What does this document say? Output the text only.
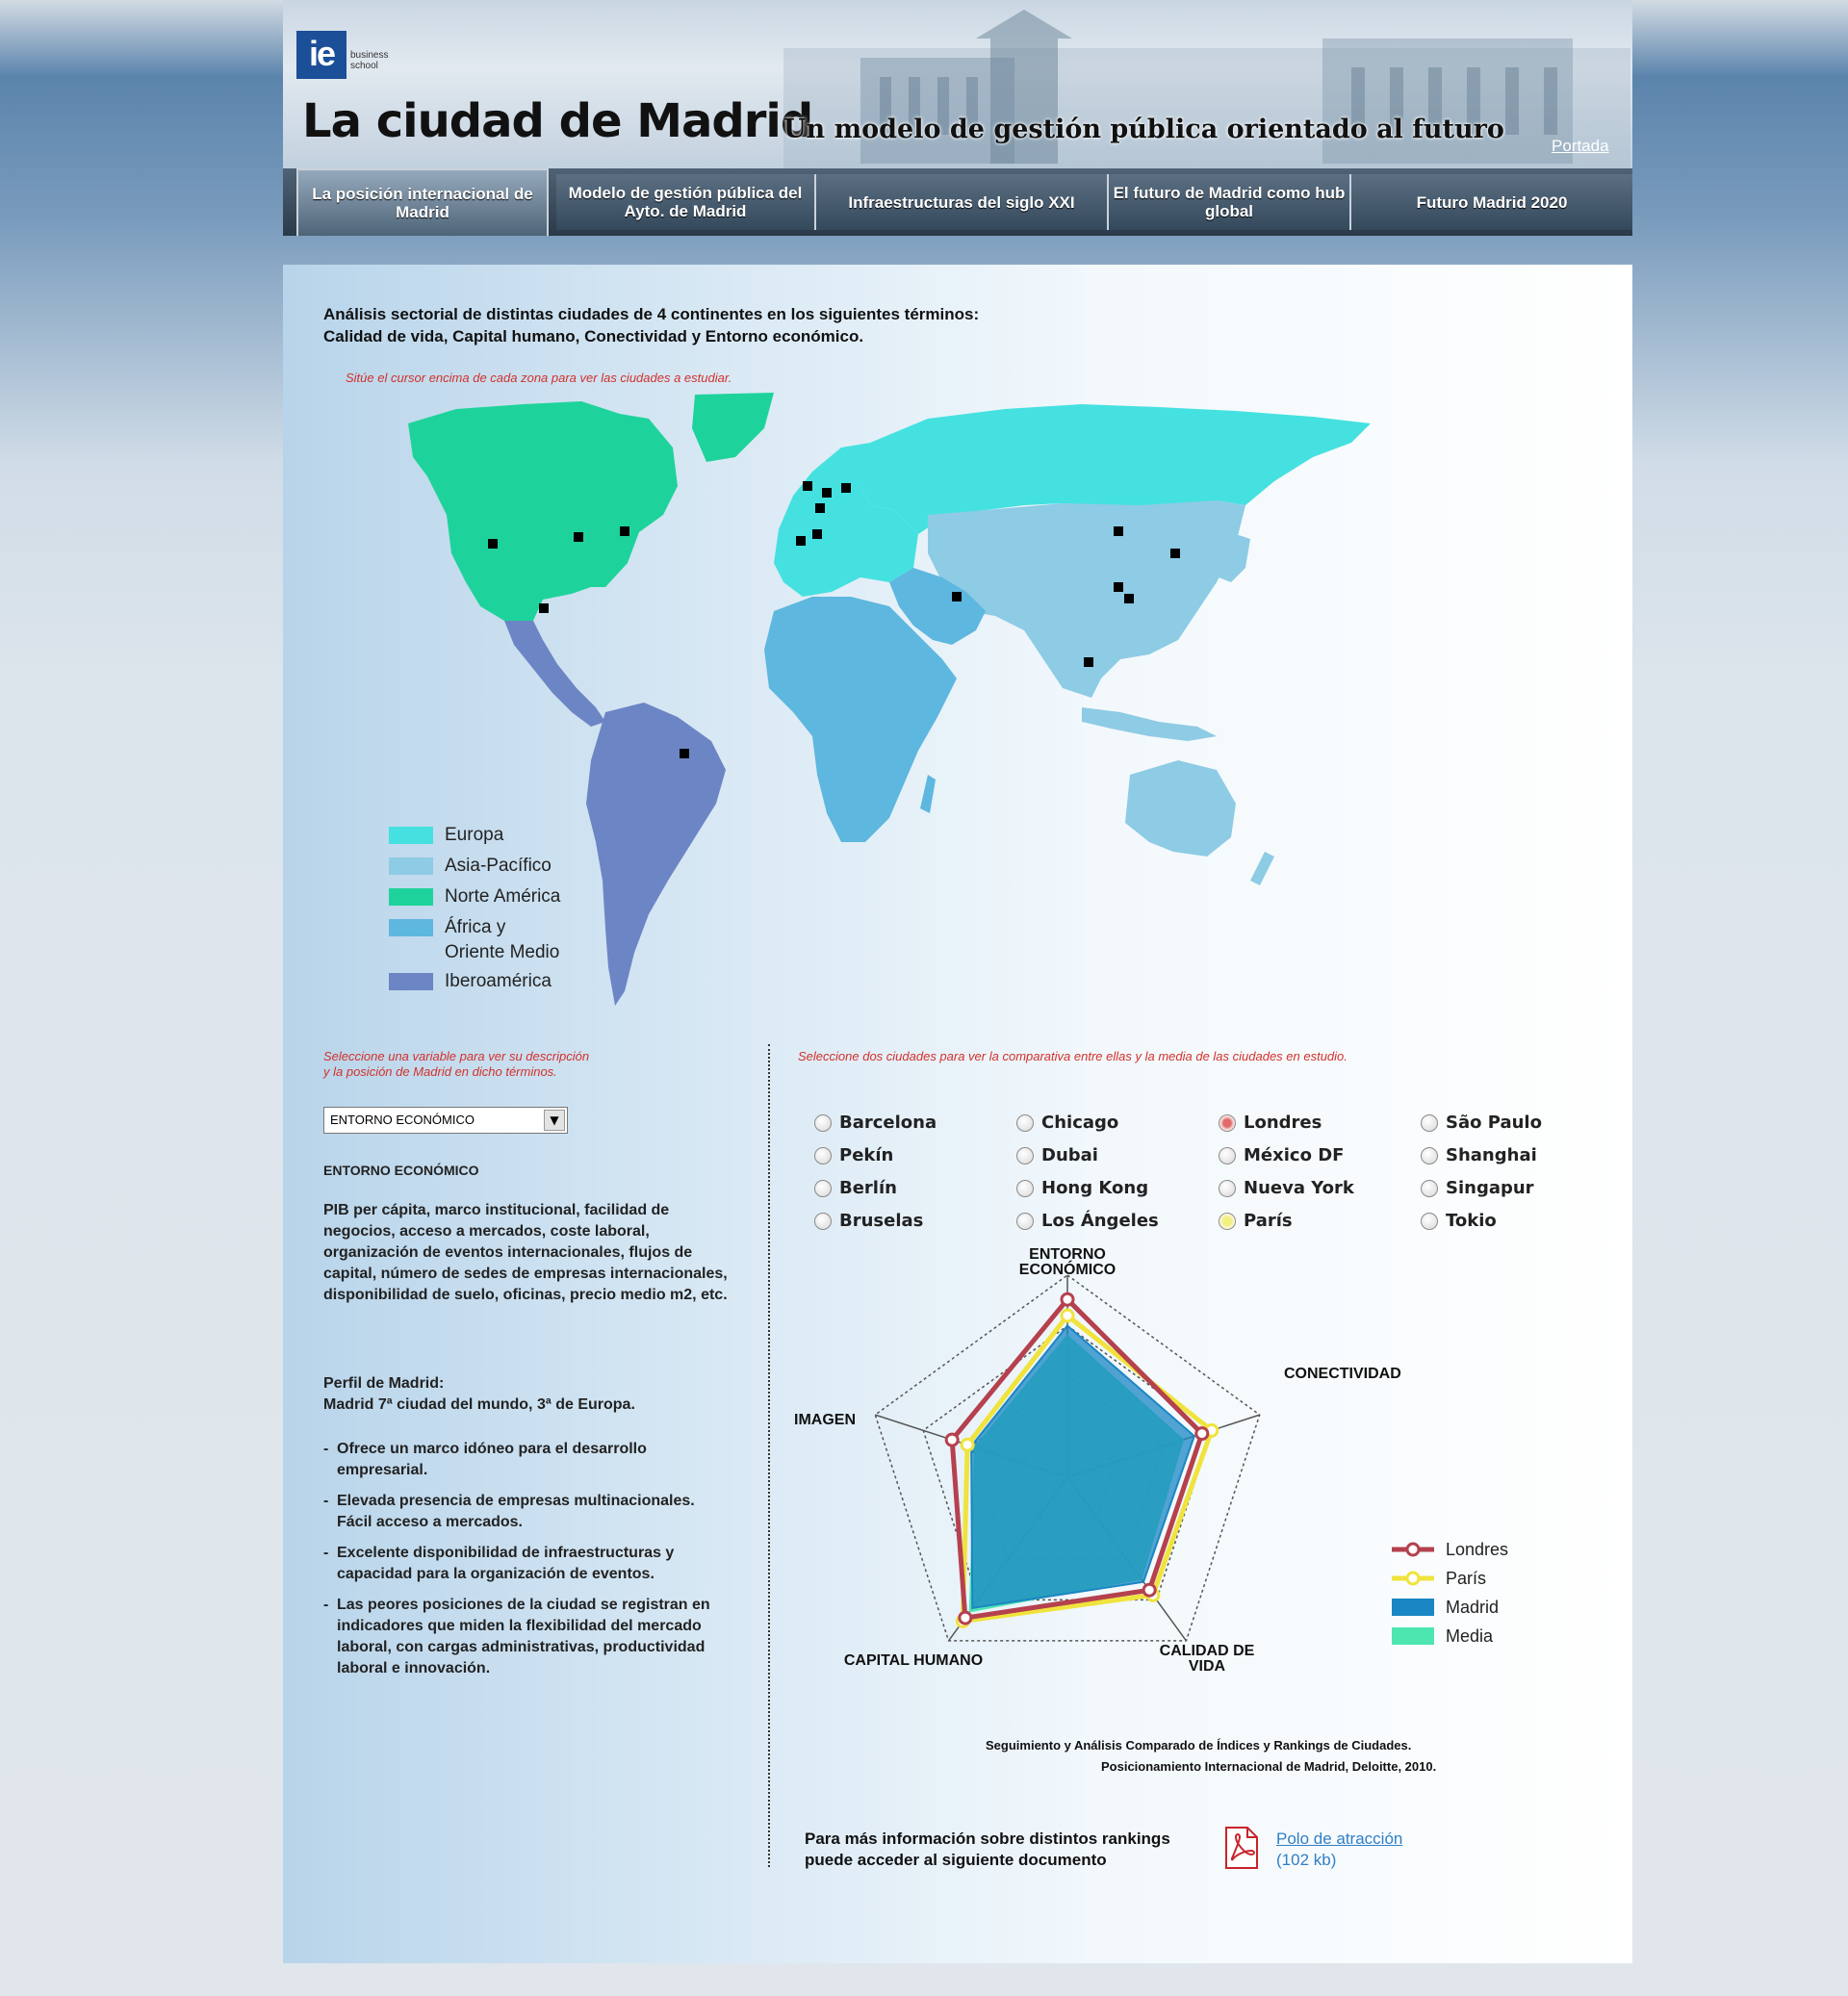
ie	business school
La ciudad de Madrid
Un modelo de gestión pública orientado al futuro
Portada
La posición internacional de Madrid
Modelo de gestión pública del Ayto. de Madrid	Infraestructuras del siglo XXI	El futuro de Madrid como hub global	Futuro Madrid 2020
Análisis sectorial de distintas ciudades de 4 continentes en los siguientes términos:
Calidad de vida, Capital humano, Conectividad y Entorno económico.
Sitúe el cursor encima de cada zona para ver las ciudades a estudiar.
Europa
Asia-Pacífico
Norte América
África y
Oriente Medio
Iberoamérica
Seleccione una variable para ver su descripción
y la posición de Madrid en dicho términos.
ENTORNO ECONÓMICO	▼
ENTORNO ECONÓMICO
PIB per cápita, marco institucional, facilidad de negocios, acceso a mercados, coste laboral, organización de eventos internacionales, flujos de capital, número de sedes de empresas internacionales, disponibilidad de suelo, oficinas, precio medio m2, etc.
Perfil de Madrid:
Madrid 7ª ciudad del mundo, 3ª de Europa.
- Ofrece un marco idóneo para el desarrollo empresarial.
- Elevada presencia de empresas multinacionales. Fácil acceso a mercados.
- Excelente disponibilidad de infraestructuras y capacidad para la organización de eventos.
- Las peores posiciones de la ciudad se registran en indicadores que miden la flexibilidad del mercado laboral, con cargas administrativas, productividad laboral e innovación.
Seleccione dos ciudades para ver la comparativa entre ellas y la media de las ciudades en estudio.
Barcelona
Pekín
Berlín
Bruselas
Chicago
Dubai
Hong Kong
Los Ángeles
Londres
México DF
Nueva York
París
São Paulo
Shanghai
Singapur
Tokio
ENTORNO
ECONÓMICO
CONECTIVIDAD
CALIDAD DE
VIDA
CAPITAL HUMANO
IMAGEN
Londres
París
Madrid
Media
Seguimiento y Análisis Comparado de Índices y Rankings de Ciudades.
Posicionamiento Internacional de Madrid, Deloitte, 2010.
Para más información sobre distintos rankings
puede acceder al siguiente documento
Polo de atracción
(102 kb)
